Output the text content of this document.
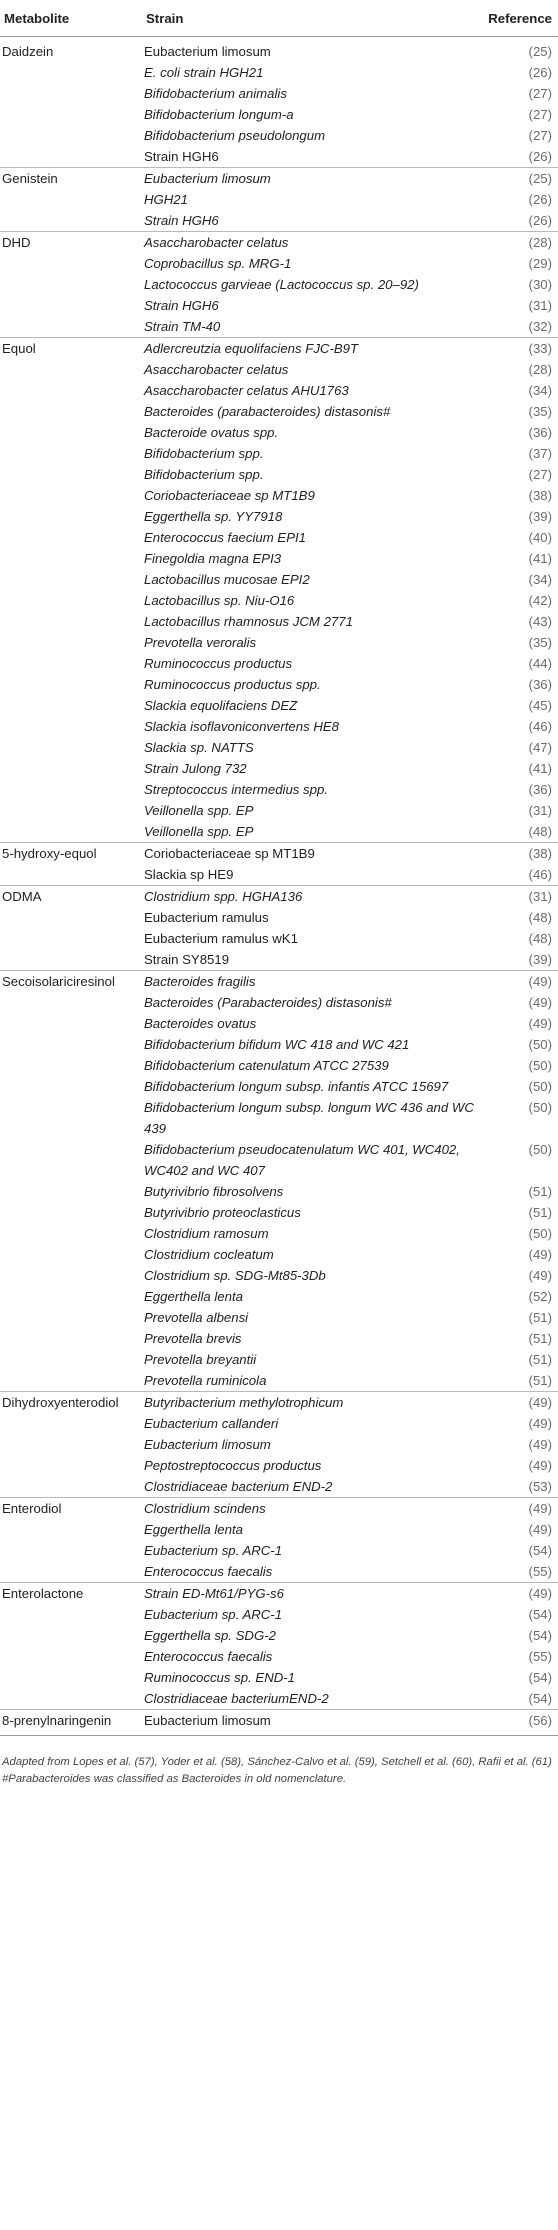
Metabolite	Strain	Reference
Daidzein	Eubacterium limosum	(25)
	E. coli strain HGH21	(26)
	Bifidobacterium animalis	(27)
	Bifidobacterium longum-a	(27)
	Bifidobacterium pseudolongum	(27)
	Strain HGH6	(26)
Genistein	Eubacterium limosum	(25)
	HGH21	(26)
	Strain HGH6	(26)
DHD	Asaccharobacter celatus	(28)
	Coprobacillus sp. MRG-1	(29)
	Lactococcus garvieae (Lactococcus sp. 20–92)	(30)
	Strain HGH6	(31)
	Strain TM-40	(32)
Equol	Adlercreutzia equolifaciens FJC-B9T	(33)
	Asaccharobacter celatus	(28)
	Asaccharobacter celatus AHU1763	(34)
	Bacteroides (parabacteroides) distasonis#	(35)
	Bacteroide ovatus spp.	(36)
	Bifidobacterium spp.	(37)
	Bifidobacterium spp.	(27)
	Coriobacteriaceae sp MT1B9	(38)
	Eggerthella sp. YY7918	(39)
	Enterococcus faecium EPI1	(40)
	Finegoldia magna EPI3	(41)
	Lactobacillus mucosae EPI2	(34)
	Lactobacillus sp. Niu-O16	(42)
	Lactobacillus rhamnosus JCM 2771	(43)
	Prevotella veroralis	(35)
	Ruminococcus productus	(44)
	Ruminococcus productus spp.	(36)
	Slackia equolifaciens DEZ	(45)
	Slackia isoflavoniconvertens HE8	(46)
	Slackia sp. NATTS	(47)
	Strain Julong 732	(41)
	Streptococcus intermedius spp.	(36)
	Veillonella spp. EP	(31)
	Veillonella spp. EP	(48)
5-hydroxy-equol	Coriobacteriaceae sp MT1B9	(38)
	Slackia sp HE9	(46)
ODMA	Clostridium spp. HGHA136	(31)
	Eubacterium ramulus	(48)
	Eubacterium ramulus wK1	(48)
	Strain SY8519	(39)
Secoisolariciresinol	Bacteroides fragilis	(49)
	Bacteroides (Parabacteroides) distasonis#	(49)
	Bacteroides ovatus	(49)
	Bifidobacterium bifidum WC 418 and WC 421	(50)
	Bifidobacterium catenulatum ATCC 27539	(50)
	Bifidobacterium longum subsp. infantis ATCC 15697	(50)
	Bifidobacterium longum subsp. longum WC 436 and WC 439	(50)
	Bifidobacterium pseudocatenulatum WC 401, WC402, WC402 and WC 407	(50)
	Butyrivibrio fibrosolvens	(51)
	Butyrivibrio proteoclasticus	(51)
	Clostridium ramosum	(50)
	Clostridium cocleatum	(49)
	Clostridium sp. SDG-Mt85-3Db	(49)
	Eggerthella lenta	(52)
	Prevotella albensi	(51)
	Prevotella brevis	(51)
	Prevotella breyantii	(51)
	Prevotella ruminicola	(51)
Dihydroxyenterodiol	Butyribacterium methylotrophicum	(49)
	Eubacterium callanderi	(49)
	Eubacterium limosum	(49)
	Peptostreptococcus productus	(49)
	Clostridiaceae bacterium END-2	(53)
Enterodiol	Clostridium scindens	(49)
	Eggerthella lenta	(49)
	Eubacterium sp. ARC-1	(54)
	Enterococcus faecalis	(55)
Enterolactone	Strain ED-Mt61/PYG-s6	(49)
	Eubacterium sp. ARC-1	(54)
	Eggerthella sp. SDG-2	(54)
	Enterococcus faecalis	(55)
	Ruminococcus sp. END-1	(54)
	Clostridiaceae bacteriumEND-2	(54)
8-prenylnaringenin	Eubacterium limosum	(56)
Adapted from Lopes et al. (57), Yoder et al. (58), Sánchez-Calvo et al. (59), Setchell et al. (60), Rafii et al. (61) #Parabacteroides was classified as Bacteroides in old nomenclature.
